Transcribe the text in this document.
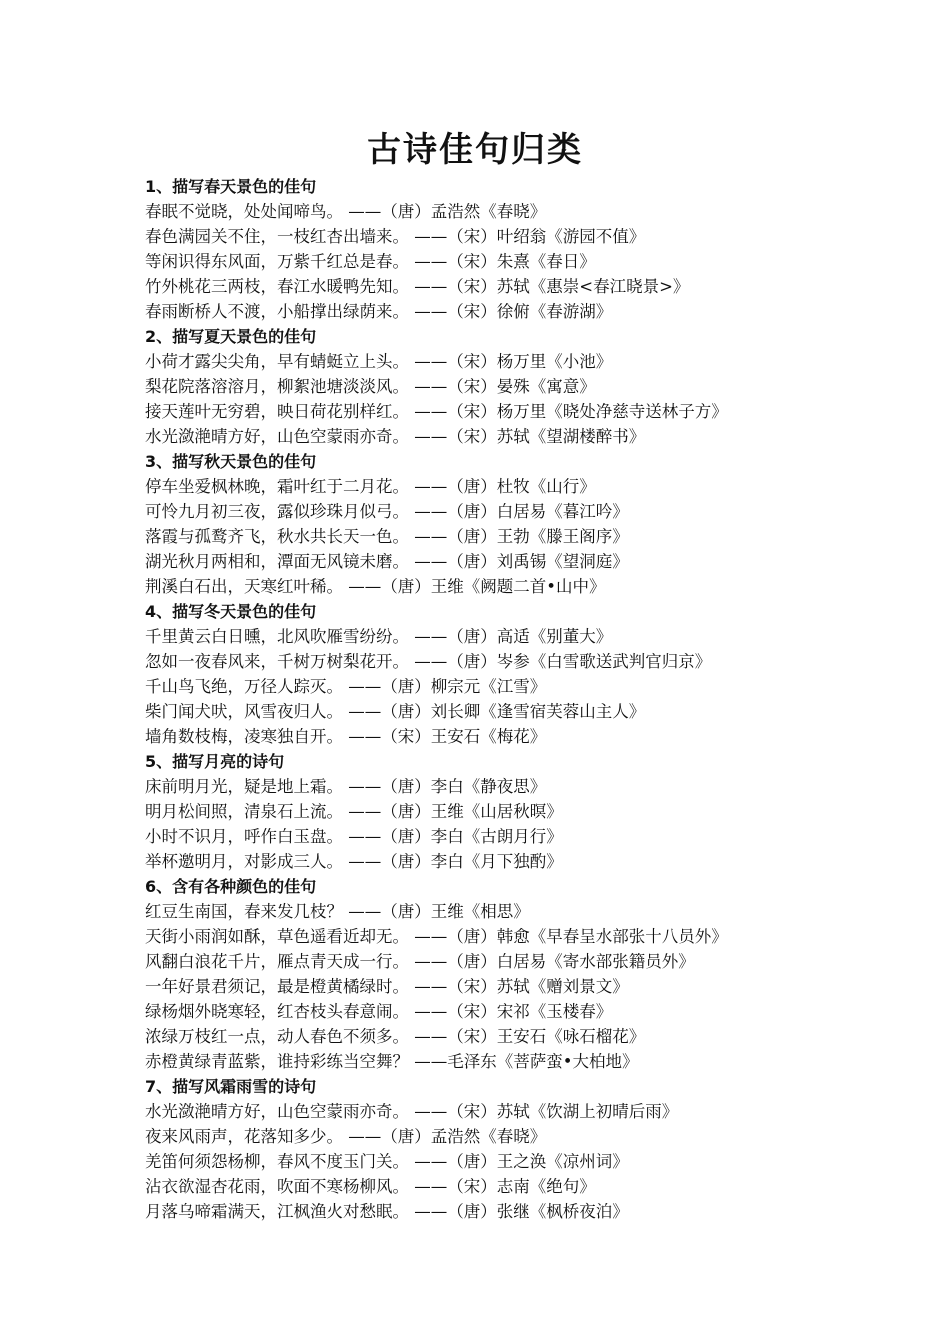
古诗佳句归类
1、描写春天景色的佳句
春眠不觉晓，处处闻啼鸟。 ——（唐）孟浩然《春晓》
春色满园关不住，一枝红杏出墙来。 ——（宋）叶绍翁《游园不值》
等闲识得东风面，万紫千红总是春。 ——（宋）朱熹《春日》
竹外桃花三两枝，春江水暖鸭先知。 ——（宋）苏轼《惠崇<春江晓景>》
春雨断桥人不渡，小船撑出绿荫来。 ——（宋）徐俯《春游湖》
2、描写夏天景色的佳句
小荷才露尖尖角，早有蜻蜓立上头。 ——（宋）杨万里《小池》
梨花院落溶溶月，柳絮池塘淡淡风。 ——（宋）晏殊《寓意》
接天莲叶无穷碧，映日荷花别样红。 ——（宋）杨万里《晓处净慈寺送林子方》
水光潋滟晴方好，山色空蒙雨亦奇。 ——（宋）苏轼《望湖楼醉书》
3、描写秋天景色的佳句
停车坐爱枫林晚，霜叶红于二月花。 ——（唐）杜牧《山行》
可怜九月初三夜，露似珍珠月似弓。 ——（唐）白居易《暮江吟》
落霞与孤鹜齐飞，秋水共长天一色。 ——（唐）王勃《滕王阁序》
湖光秋月两相和，潭面无风镜未磨。 ——（唐）刘禹锡《望洞庭》
荆溪白石出，天寒红叶稀。 ——（唐）王维《阙题二首•山中》
4、描写冬天景色的佳句
千里黄云白日曛，北风吹雁雪纷纷。 ——（唐）高适《别董大》
忽如一夜春风来，千树万树梨花开。 ——（唐）岑参《白雪歌送武判官归京》
千山鸟飞绝，万径人踪灭。 ——（唐）柳宗元《江雪》
柴门闻犬吠，风雪夜归人。 ——（唐）刘长卿《逢雪宿芙蓉山主人》
墙角数枝梅，凌寒独自开。 ——（宋）王安石《梅花》
5、描写月亮的诗句
床前明月光，疑是地上霜。 ——（唐）李白《静夜思》
明月松间照，清泉石上流。 ——（唐）王维《山居秋暝》
小时不识月，呼作白玉盘。 ——（唐）李白《古朗月行》
举杯邀明月，对影成三人。 ——（唐）李白《月下独酌》
6、含有各种颜色的佳句
红豆生南国，春来发几枝？ ——（唐）王维《相思》
天街小雨润如酥，草色遥看近却无。 ——（唐）韩愈《早春呈水部张十八员外》
风翻白浪花千片，雁点青天成一行。 ——（唐）白居易《寄水部张籍员外》
一年好景君须记，最是橙黄橘绿时。 ——（宋）苏轼《赠刘景文》
绿杨烟外晓寒轻，红杏枝头春意闹。 ——（宋）宋祁《玉楼春》
浓绿万枝红一点，动人春色不须多。 ——（宋）王安石《咏石榴花》
赤橙黄绿青蓝紫，谁持彩练当空舞？ ——毛泽东《菩萨蛮•大柏地》
7、描写风霜雨雪的诗句
水光潋滟晴方好，山色空蒙雨亦奇。 ——（宋）苏轼《饮湖上初晴后雨》
夜来风雨声，花落知多少。 ——（唐）孟浩然《春晓》
羌笛何须怨杨柳，春风不度玉门关。 ——（唐）王之涣《凉州词》
沾衣欲湿杏花雨，吹面不寒杨柳风。 ——（宋）志南《绝句》
月落乌啼霜满天，江枫渔火对愁眠。 ——（唐）张继《枫桥夜泊》
